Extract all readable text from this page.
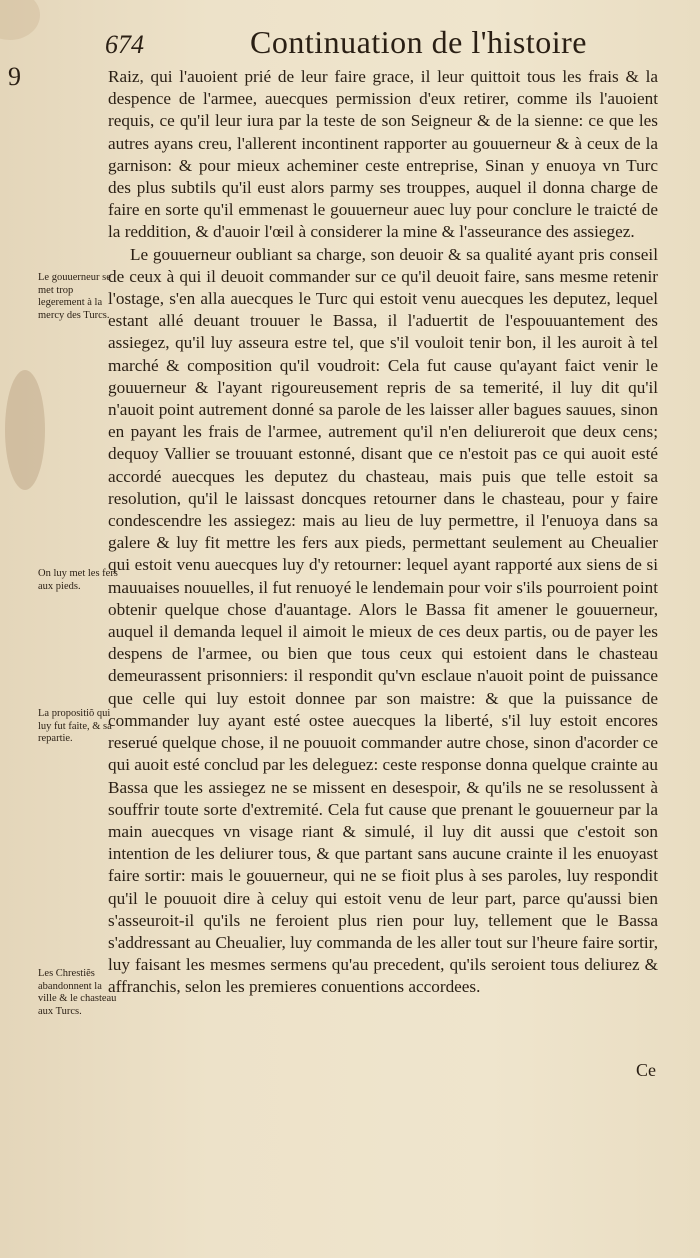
9
674	Continuation de l'histoire

Raiz, qui l'auoient prié de leur faire grace, il leur quittoit tous les frais & la despence de l'armee, auecques permission d'eux retirer, comme ils l'auoient requis, ce qu'il leur iura par la teste de son Seigneur & de la sienne: ce que les autres ayans creu, l'allerent incontinent rapporter au gouuerneur & à ceux de la garnison: & pour mieux acheminer ceste entreprise, Sinan y enuoya vn Turc des plus subtils qu'il eust alors parmy ses trouppes, auquel il donna charge de faire en sorte qu'il emmenast le gouuerneur auec luy pour conclure le traicté de la reddition, & d'auoir l'œil à considerer la mine & l'asseurance des assiegez.

Le gouuerneur oubliant sa charge, son deuoir & sa qualité ayant pris conseil de ceux à qui il deuoit commander sur ce qu'il deuoit faire, sans mesme retenir l'ostage, s'en alla auecques le Turc qui estoit venu auecques les deputez, lequel estant allé deuant trouuer le Bassa, il l'aduertit de l'espouuantement des assiegez, qu'il luy asseura estre tel, que s'il vouloit tenir bon, il les auroit à tel marché & composition qu'il voudroit: Cela fut cause qu'ayant faict venir le gouuerneur & l'ayant rigoureusement repris de sa temerité, il luy dit qu'il n'auoit point autrement donné sa parole de les laisser aller bagues sauues, sinon en payant les frais de l'armee, autrement qu'il n'en deliureroit que deux cens; dequoy Vallier se trouuant estonné, disant que ce n'estoit pas ce qui auoit esté accordé auecques les deputez du chasteau, mais puis que telle estoit sa resolution, qu'il le laissast doncques retourner dans le chasteau, pour y faire condescendre les assiegez: mais au lieu de luy permettre, il l'enuoya dans sa galere & luy fit mettre les fers aux pieds, permettant seulement au Cheualier qui estoit venu auecques luy d'y retourner: lequel ayant rapporté aux siens de si mauuaises nouuelles, il fut renuoyé le lendemain pour voir s'ils pourroient point obtenir quelque chose d'auantage. Alors le Bassa fit amener le gouuerneur, auquel il demanda lequel il aimoit le mieux de ces deux partis, ou de payer les despens de l'armee, ou bien que tous ceux qui estoient dans le chasteau demeurassent prisonniers: il respondit qu'vn esclaue n'auoit point de puissance que celle qui luy estoit donnee par son maistre: & que la puissance de commander luy ayant esté ostee auecques la liberté, s'il luy estoit encores reserué quelque chose, il ne pouuoit commander autre chose, sinon d'acorder ce qui auoit esté conclud par les deleguez: ceste response donna quelque crainte au Bassa que les assiegez ne se missent en desespoir, & qu'ils ne se resolussent à souffrir toute sorte d'extremité. Cela fut cause que prenant le gouuerneur par la main auecques vn visage riant & simulé, il luy dit aussi que c'estoit son intention de les deliurer tous, & que partant sans aucune crainte il les enuoyast faire sortir: mais le gouuerneur, qui ne se fioit plus à ses paroles, luy respondit qu'il le pouuoit dire à celuy qui estoit venu de leur part, parce qu'aussi bien s'asseuroit-il qu'ils ne feroient plus rien pour luy, tellement que le Bassa s'addressant au Cheualier, luy commanda de les aller tout sur l'heure faire sortir, luy faisant les mesmes sermens qu'au precedent, qu'ils seroient tous deliurez & affranchis, selon les premieres conuentions accordees.

Le gouuerneur se met trop legerement à la mercy des Turcs.
On luy met les fers aux pieds.
La propositiõ qui luy fut faite, & sa repartie.
Les Chrestiẽs abandonnent la ville & le chasteau aux Turcs.
Ce
